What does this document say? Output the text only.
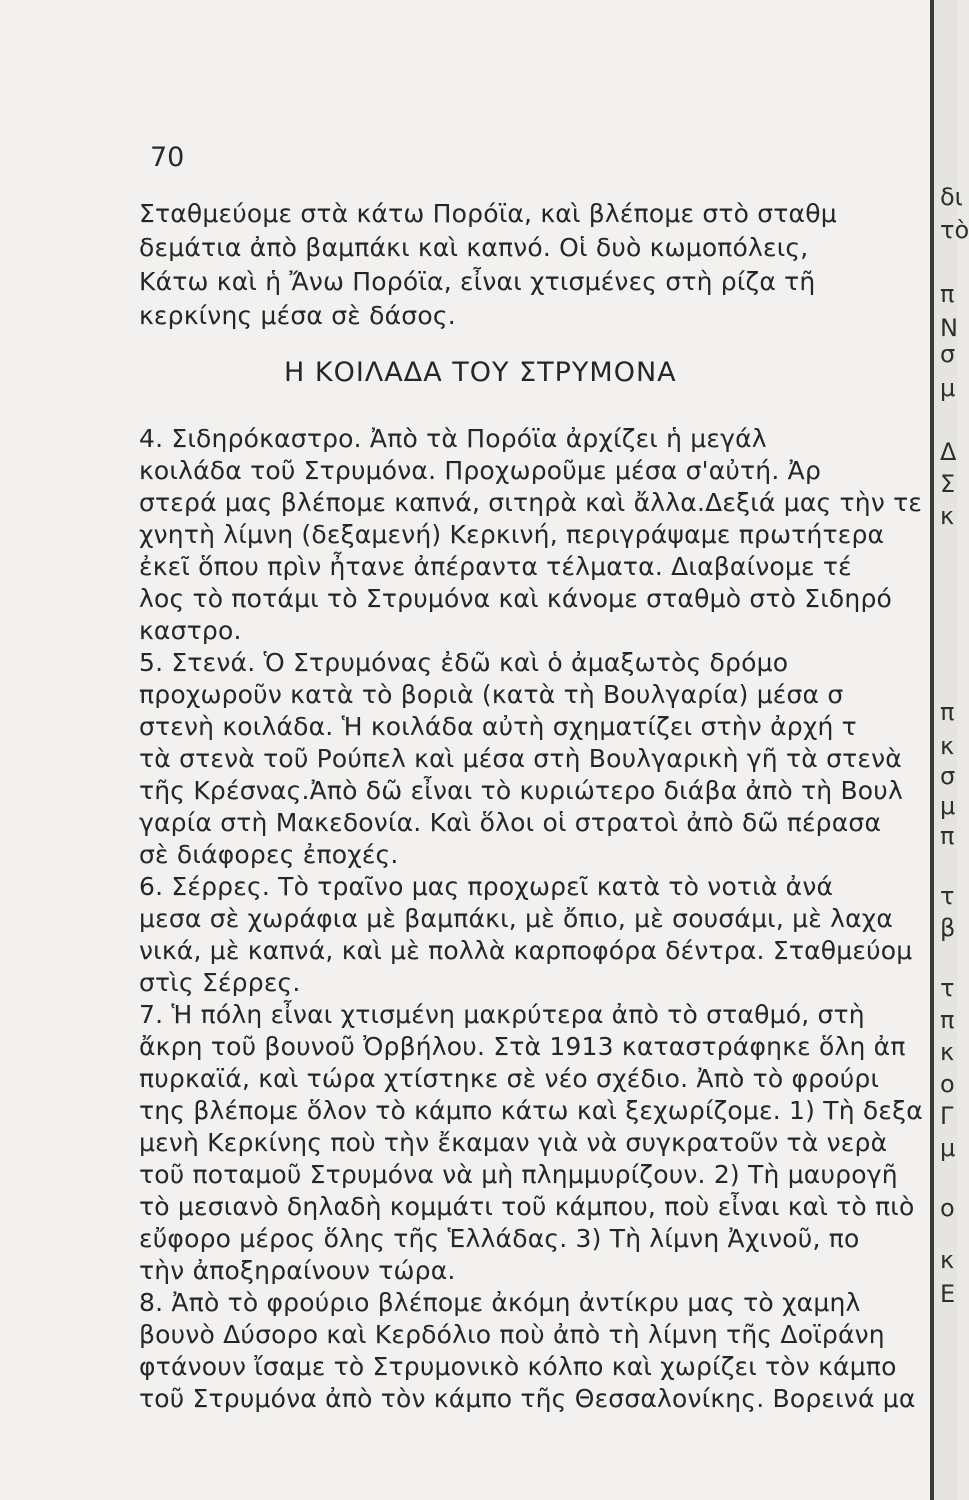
70
Σταθμεύομε στὰ κάτω Πορόϊα, καὶ βλέπομε στὸ σταθμ
δεμάτια ἀπὸ βαμπάκι καὶ καπνό. Οἱ δυὸ κωμοπόλεις,
Κάτω καὶ ἡ Ἄνω Πορόϊα, εἶναι χτισμένες στὴ ρίζα τῆ
κερκίνης μέσα σὲ δάσος.
Η ΚΟΙΛΑΔΑ ΤΟΥ ΣΤΡΥΜΟΝΑ
4. Σιδηρόκαστρο. Ἀπὸ τὰ Πορόϊα ἀρχίζει ἡ μεγάλ
κοιλάδα τοῦ Στρυμόνα. Προχωροῦμε μέσα σ'αὐτή. Ἀρ
στερά μας βλέπομε καπνά, σιτηρὰ καὶ ἄλλα.Δεξιά μας τὴν τε
χνητὴ λίμνη (δεξαμενή) Κερκινή, περιγράψαμε πρωτήτερα
ἐκεῖ ὅπου πρὶν ἦτανε ἀπέραντα τέλματα. Διαβαίνομε τέ
λος τὸ ποτάμι τὸ Στρυμόνα καὶ κάνομε σταθμὸ στὸ Σιδηρό
καστρο.
5. Στενά. Ὁ Στρυμόνας ἐδῶ καὶ ὁ ἀμαξωτὸς δρόμο
προχωροῦν κατὰ τὸ βοριὰ (κατὰ τὴ Βουλγαρία) μέσα σ
στενὴ κοιλάδα. Ἡ κοιλάδα αὐτὴ σχηματίζει στὴν ἀρχή τ
τὰ στενὰ τοῦ Ρούπελ καὶ μέσα στὴ Βουλγαρικὴ γῆ τὰ στενὰ
τῆς Κρέσνας.Ἀπὸ δῶ εἶναι τὸ κυριώτερο διάβα ἀπὸ τὴ Βουλ
γαρία στὴ Μακεδονία. Καὶ ὅλοι οἱ στρατοὶ ἀπὸ δῶ πέρασα
σὲ διάφορες ἐποχές.
6. Σέρρες. Τὸ τραῖνο μας προχωρεῖ κατὰ τὸ νοτιὰ ἀνά
μεσα σὲ χωράφια μὲ βαμπάκι, μὲ ὄπιο, μὲ σουσάμι, μὲ λαχα
νικά, μὲ καπνά, καὶ μὲ πολλὰ καρποφόρα δέντρα. Σταθμεύομ
στὶς Σέρρες.
7. Ἡ πόλη εἶναι χτισμένη μακρύτερα ἀπὸ τὸ σταθμό, στὴ
ἄκρη τοῦ βουνοῦ Ὀρβήλου. Στὰ 1913 καταστράφηκε ὅλη ἀπ
πυρκαϊά, καὶ τώρα χτίστηκε σὲ νέο σχέδιο. Ἀπὸ τὸ φρούρι
της βλέπομε ὅλον τὸ κάμπο κάτω καὶ ξεχωρίζομε. 1) Τὴ δεξα
μενὴ Κερκίνης ποὺ τὴν ἔκαμαν γιὰ νὰ συγκρατοῦν τὰ νερὰ
τοῦ ποταμοῦ Στρυμόνα νὰ μὴ πλημμυρίζουν. 2) Τὴ μαυρογῆ
τὸ μεσιανὸ δηλαδὴ κομμάτι τοῦ κάμπου, ποὺ εἶναι καὶ τὸ πιὸ
εὔφορο μέρος ὅλης τῆς Ἑλλάδας. 3) Τὴ λίμνη Ἀχινοῦ, πο
τὴν ἀποξηραίνουν τώρα.
8. Ἀπὸ τὸ φρούριο βλέπομε ἀκόμη ἀντίκρυ μας τὸ χαμηλ
βουνὸ Δύσορο καὶ Κερδόλιο ποὺ ἀπὸ τὴ λίμνη τῆς Δοϊράνη
φτάνουν ἴσαμε τὸ Στρυμονικὸ κόλπο καὶ χωρίζει τὸν κάμπο
τοῦ Στρυμόνα ἀπὸ τὸν κάμπο τῆς Θεσσαλονίκης. Βορεινά μα
δι
τὸ
π
Ν
σ
μ
Δ
Σ
κ
π
κ
σ
μ
π
τ
β
τ
π
κ
ο
Γ
μ
ο
κ
Ε
